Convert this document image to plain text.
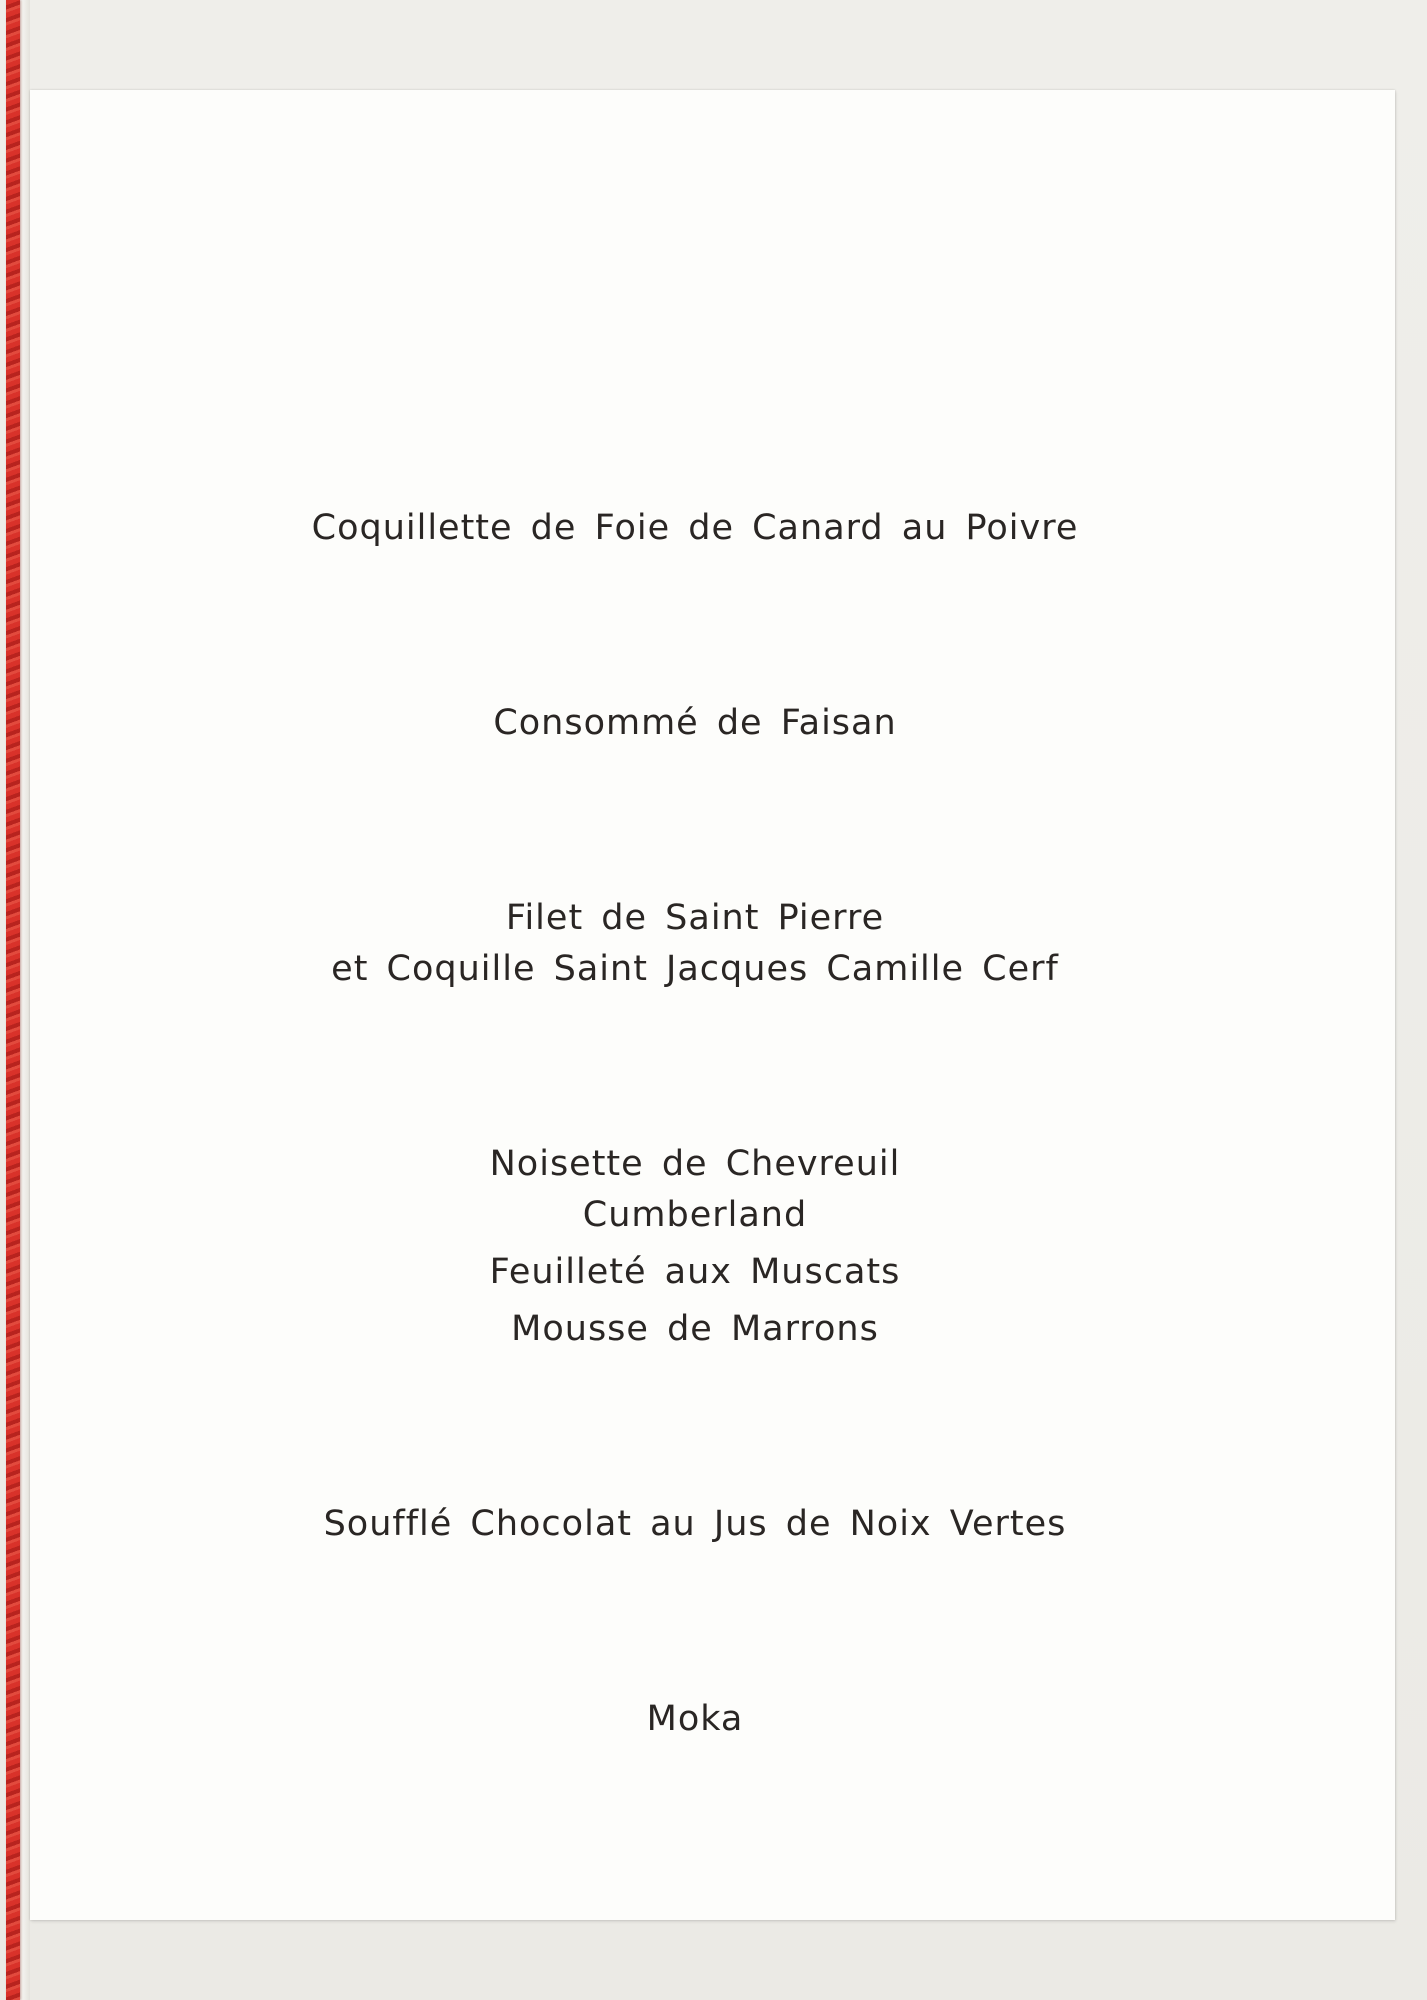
Coquillette de Foie de Canard au Poivre
Consommé de Faisan
Filet de Saint Pierre
et Coquille Saint Jacques Camille Cerf
Noisette de Chevreuil
Cumberland
Feuilleté aux Muscats
Mousse de Marrons
Soufflé Chocolat au Jus de Noix Vertes
Moka
